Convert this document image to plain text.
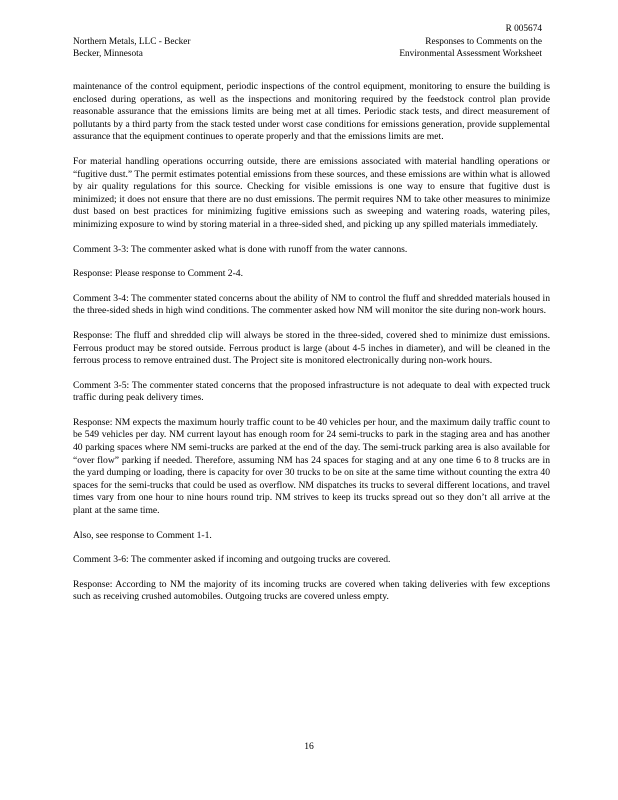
R 005674
Northern Metals, LLC - Becker
Becker, Minnesota
Responses to Comments on the
Environmental Assessment Worksheet

maintenance of the control equipment, periodic inspections of the control equipment, monitoring to ensure the building is enclosed during operations, as well as the inspections and monitoring required by the feedstock control plan provide reasonable assurance that the emissions limits are being met at all times. Periodic stack tests, and direct measurement of pollutants by a third party from the stack tested under worst case conditions for emissions generation, provide supplemental assurance that the equipment continues to operate properly and that the emissions limits are met.

For material handling operations occurring outside, there are emissions associated with material handling operations or “fugitive dust.” The permit estimates potential emissions from these sources, and these emissions are within what is allowed by air quality regulations for this source. Checking for visible emissions is one way to ensure that fugitive dust is minimized; it does not ensure that there are no dust emissions. The permit requires NM to take other measures to minimize dust based on best practices for minimizing fugitive emissions such as sweeping and watering roads, watering piles, minimizing exposure to wind by storing material in a three-sided shed, and picking up any spilled materials immediately.

Comment 3-3: The commenter asked what is done with runoff from the water cannons.

Response: Please response to Comment 2-4.

Comment 3-4: The commenter stated concerns about the ability of NM to control the fluff and shredded materials housed in the three-sided sheds in high wind conditions. The commenter asked how NM will monitor the site during non-work hours.

Response: The fluff and shredded clip will always be stored in the three-sided, covered shed to minimize dust emissions. Ferrous product may be stored outside. Ferrous product is large (about 4-5 inches in diameter), and will be cleaned in the ferrous process to remove entrained dust. The Project site is monitored electronically during non-work hours.

Comment 3-5: The commenter stated concerns that the proposed infrastructure is not adequate to deal with expected truck traffic during peak delivery times.

Response: NM expects the maximum hourly traffic count to be 40 vehicles per hour, and the maximum daily traffic count to be 549 vehicles per day. NM current layout has enough room for 24 semi-trucks to park in the staging area and has another 40 parking spaces where NM semi-trucks are parked at the end of the day. The semi-truck parking area is also available for “over flow” parking if needed. Therefore, assuming NM has 24 spaces for staging and at any one time 6 to 8 trucks are in the yard dumping or loading, there is capacity for over 30 trucks to be on site at the same time without counting the extra 40 spaces for the semi-trucks that could be used as overflow. NM dispatches its trucks to several different locations, and travel times vary from one hour to nine hours round trip. NM strives to keep its trucks spread out so they don’t all arrive at the plant at the same time.

Also, see response to Comment 1-1.

Comment 3-6: The commenter asked if incoming and outgoing trucks are covered.

Response: According to NM the majority of its incoming trucks are covered when taking deliveries with few exceptions such as receiving crushed automobiles. Outgoing trucks are covered unless empty.

16
